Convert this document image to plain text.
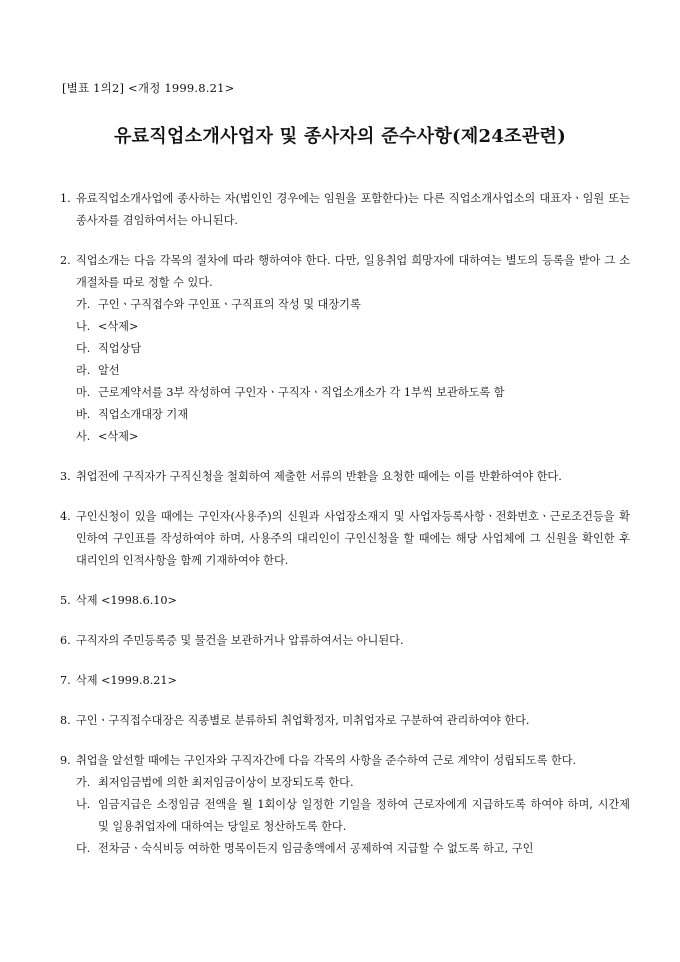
[별표 1의2] <개정 1999.8.21>
유료직업소개사업자 및 종사자의 준수사항(제24조관련)
1. 유료직업소개사업에 종사하는 자(법인인 경우에는 임원을 포함한다)는 다른 직업소개사업소의 대표자ㆍ임원 또는 종사자를 겸임하여서는 아니된다.
2. 직업소개는 다음 각목의 절차에 따라 행하여야 한다. 다만, 일용취업 희망자에 대하여는 별도의 등록을 받아 그 소개절차를 따로 정할 수 있다.
가. 구인ㆍ구직접수와 구인표ㆍ구직표의 작성 및 대장기록
나. <삭제>
다. 직업상담
라. 알선
마. 근로계약서를 3부 작성하여 구인자ㆍ구직자ㆍ직업소개소가 각 1부씩 보관하도록 함
바. 직업소개대장 기재
사. <삭제>
3. 취업전에 구직자가 구직신청을 철회하여 제출한 서류의 반환을 요청한 때에는 이를 반환하여야 한다.
4. 구인신청이 있을 때에는 구인자(사용주)의 신원과 사업장소재지 및 사업자등록사항ㆍ전화번호ㆍ근로조건등을 확인하여 구인표를 작성하여야 하며, 사용주의 대리인이 구인신청을 할 때에는 해당 사업체에 그 신원을 확인한 후 대리인의 인적사항을 함께 기재하여야 한다.
5. 삭제 <1998.6.10>
6. 구직자의 주민등록증 및 물건을 보관하거나 압류하여서는 아니된다.
7. 삭제 <1999.8.21>
8. 구인ㆍ구직접수대장은 직종별로 분류하되 취업확정자, 미취업자로 구분하여 관리하여야 한다.
9. 취업을 알선할 때에는 구인자와 구직자간에 다음 각목의 사항을 준수하여 근로 계약이 성립되도록 한다.
가. 최저임금법에 의한 최저임금이상이 보장되도록 한다.
나. 임금지급은 소정임금 전액을 월 1회이상 일정한 기일을 정하여 근로자에게 지급하도록 하여야 하며, 시간제 및 일용취업자에 대하여는 당일로 청산하도록 한다.
다. 전차금ㆍ숙식비등 여하한 명목이든지 임금총액에서 공제하여 지급할 수 없도록 하고, 구인
